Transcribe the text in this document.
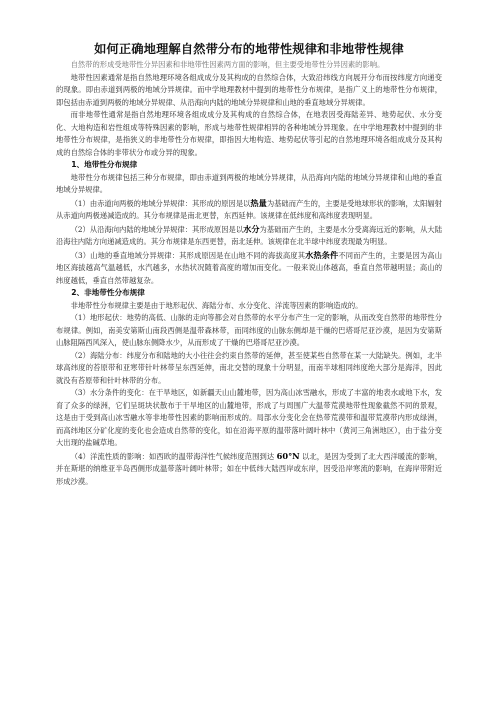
如何正确地理解自然带分布的地带性规律和非地带性规律

自然带的形成受地带性分异因素和非地带性因素两方面的影响，但主要受地带性分异因素的影响。

地带性因素通常是指自然地理环境各组成成分及其构成的自然综合体，大致沿纬线方向展开分布而按纬度方向递变的现象。即由赤道到两极的地域分异规律。而中学地理教材中提到的地带性分布规律，是指广义上的地带性分布规律，即包括由赤道到两极的地域分异规律、从沿海向内陆的地域分异规律和山地的垂直地域分异规律。

而非地带性通常是指自然地理环境各组成成分及其构成的自然综合体，在地表因受海陆差异、地势起伏、水分变化、大地构造和岩性组成等特殊因素的影响，形成与地带性规律相异的各种地域分异现象。在中学地理教材中提到的非地带性分布规律，是指狭义的非地带性分布规律，即指因大地构造、地势起伏等引起的自然地理环境各组成成分及其构成的自然综合体的非带状分布或分异的现象。

1、地带性分布规律

地带性分布规律包括三种分布规律，即由赤道到两极的地域分异规律，从沿海向内陆的地域分异规律和山地的垂直地域分异规律。

（1）由赤道向两极的地域分异规律：其形成的原因是以热量为基础而产生的，主要是受地球形状的影响，太阳辐射从赤道向两极递减造成的。其分布规律是南北更替，东西延伸。该规律在低纬度和高纬度表现明显。

（2）从沿海向内陆的地域分异规律：其形成原因是以水分为基础而产生的，主要是水分受离海远近的影响，从大陆沿海往内陆方向递减造成的。其分布规律是东西更替，南北延伸。该规律在北半球中纬度表现最为明显。

（3）山地的垂直地域分异规律：其形成原因是在山地不同的海拔高度其水热条件不同而产生的，主要是因为高山地区海拔越高气温越低，水汽越多，水热状况随着高度的增加而变化。一般来说山体越高，垂直自然带越明显；高山的纬度越低，垂直自然带越复杂。

2、非地带性分布规律

非地带性分布规律主要是由于地形起伏、海陆分布、水分变化、洋流等因素的影响造成的。

（1）地形起伏：地势的高低、山脉的走向等都会对自然带的水平分布产生一定的影响，从而改变自然带的地带性分布规律。例如，南美安第斯山南段西侧是温带森林带，而同纬度的山脉东侧却是干燥的巴塔哥尼亚沙漠，是因为安第斯山脉阻隔西风深入，使山脉东侧降水少，从而形成了干燥的巴塔哥尼亚沙漠。

（2）海陆分布：纬度分布和陆地的大小往往会约束自然带的延伸，甚至使某些自然带在某一大陆缺失。例如，北半球高纬度的苔原带和亚寒带针叶林带呈东西延伸，南北交替的现象十分明显，而南半球相同纬度绝大部分是海洋，因此就没有苔原带和针叶林带的分布。

（3）水分条件的变化：在干旱地区，如新疆天山山麓地带，因为高山冰雪融水，形成了丰富的地表水或地下水，发育了众多的绿洲，它们呈斑块状散布于干旱地区的山麓地带，形成了与周围广大温带荒漠地带性现象截然不同的景观，这是由于受到高山冰雪融水等非地带性因素的影响而形成的。局部水分变化会在热带荒漠带和温带荒漠带内形成绿洲，而高纬地区分矿化度的变化也会造成自然带的变化，如在沿海平原的温带落叶阔叶林中（黄河三角洲地区），由于盐分变大出现的盐碱草地。

（4）洋流性质的影响：如西欧的温带海洋性气候纬度范围到达 60°N 以北，是因为受到了北大西洋暖流的影响，并在斯堪的纳维亚半岛西侧形成温带落叶阔叶林带；如在中低纬大陆西岸或东岸，因受沿岸寒流的影响，在海岸带附近形成沙漠。
